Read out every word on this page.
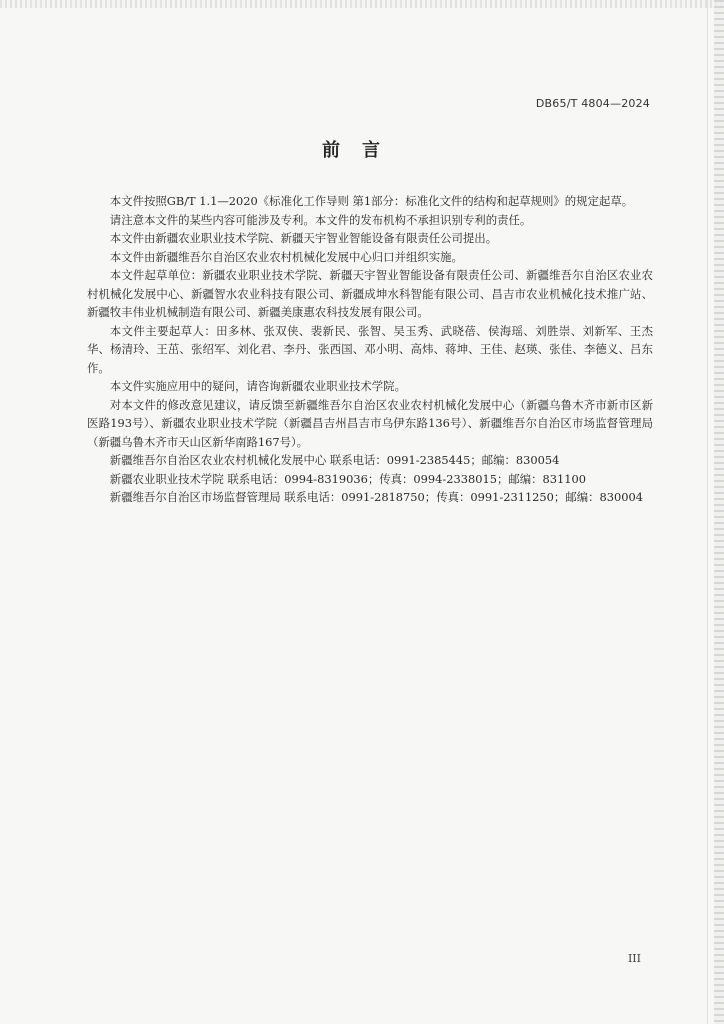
DB65/T 4804—2024
前言

本文件按照GB/T 1.1—2020《标准化工作导则 第1部分：标准化文件的结构和起草规则》的规定起草。

请注意本文件的某些内容可能涉及专利。本文件的发布机构不承担识别专利的责任。

本文件由新疆农业职业技术学院、新疆天宇智业智能设备有限责任公司提出。

本文件由新疆维吾尔自治区农业农村机械化发展中心归口并组织实施。

本文件起草单位：新疆农业职业技术学院、新疆天宇智业智能设备有限责任公司、新疆维吾尔自治区农业农村机械化发展中心、新疆智水农业科技有限公司、新疆成坤水科智能有限公司、昌吉市农业机械化技术推广站、新疆牧丰伟业机械制造有限公司、新疆美康惠农科技发展有限公司。

本文件主要起草人：田多林、张双侠、裴新民、张智、吴玉秀、武晓蓓、侯海瑶、刘胜崇、刘新军、王杰华、杨清玲、王茁、张绍军、刘化君、李丹、张西国、邓小明、高炜、蒋坤、王佳、赵瑛、张佳、李德义、吕东作。

本文件实施应用中的疑问，请咨询新疆农业职业技术学院。

对本文件的修改意见建议，请反馈至新疆维吾尔自治区农业农村机械化发展中心（新疆乌鲁木齐市新市区新医路193号）、新疆农业职业技术学院（新疆昌吉州昌吉市乌伊东路136号）、新疆维吾尔自治区市场监督管理局（新疆乌鲁木齐市天山区新华南路167号）。

新疆维吾尔自治区农业农村机械化发展中心 联系电话：0991-2385445；邮编：830054

新疆农业职业技术学院 联系电话：0994-8319036；传真：0994-2338015；邮编：831100

新疆维吾尔自治区市场监督管理局 联系电话：0991-2818750；传真：0991-2311250；邮编：830004

III
